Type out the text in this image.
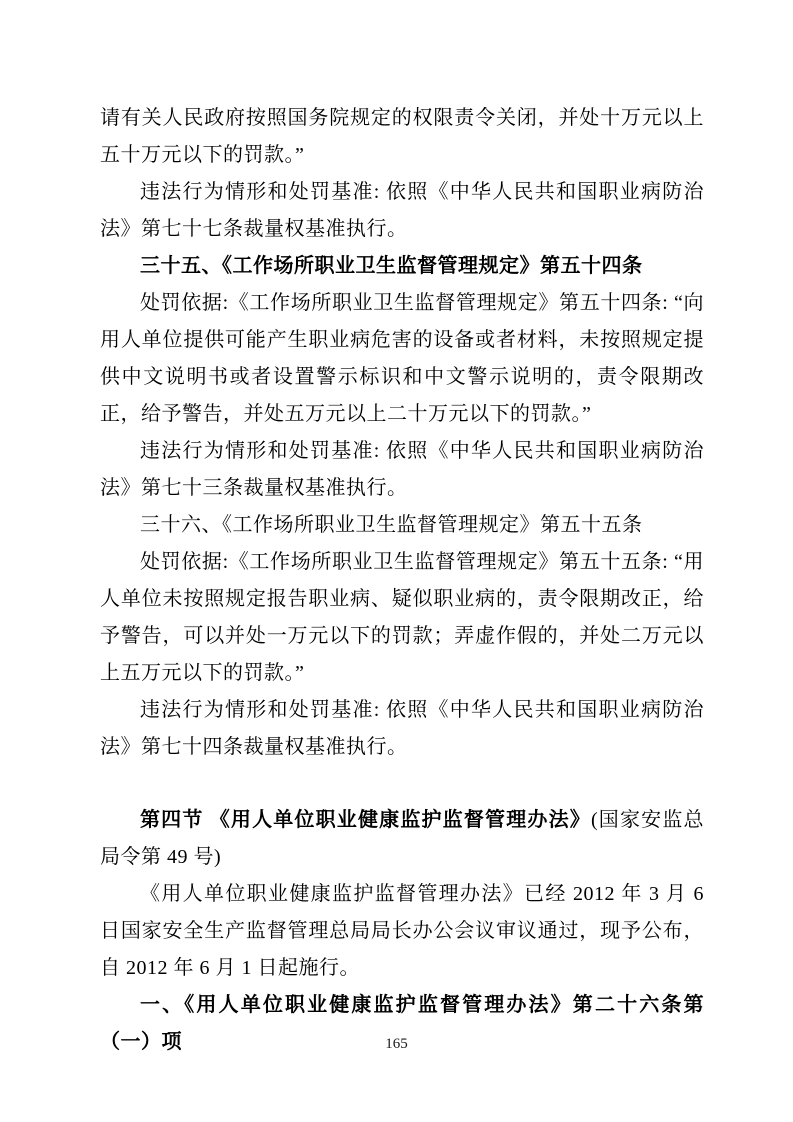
请有关人民政府按照国务院规定的权限责令关闭，并处十万元以上五十万元以下的罚款。”

违法行为情形和处罚基准: 依照《中华人民共和国职业病防治法》第七十七条裁量权基准执行。

三十五、《工作场所职业卫生监督管理规定》第五十四条

处罚依据:《工作场所职业卫生监督管理规定》第五十四条: “向用人单位提供可能产生职业病危害的设备或者材料，未按照规定提供中文说明书或者设置警示标识和中文警示说明的，责令限期改正，给予警告，并处五万元以上二十万元以下的罚款。”

违法行为情形和处罚基准: 依照《中华人民共和国职业病防治法》第七十三条裁量权基准执行。

三十六、《工作场所职业卫生监督管理规定》第五十五条

处罚依据:《工作场所职业卫生监督管理规定》第五十五条: “用人单位未按照规定报告职业病、疑似职业病的，责令限期改正，给予警告，可以并处一万元以下的罚款；弄虚作假的，并处二万元以上五万元以下的罚款。”

违法行为情形和处罚基准: 依照《中华人民共和国职业病防治法》第七十四条裁量权基准执行。

第四节 《用人单位职业健康监护监督管理办法》(国家安监总局令第 49 号)

《用人单位职业健康监护监督管理办法》已经 2012 年 3 月 6 日国家安全生产监督管理总局局长办公会议审议通过，现予公布，自 2012 年 6 月 1 日起施行。

一、《用人单位职业健康监护监督管理办法》第二十六条第（一）项	165
